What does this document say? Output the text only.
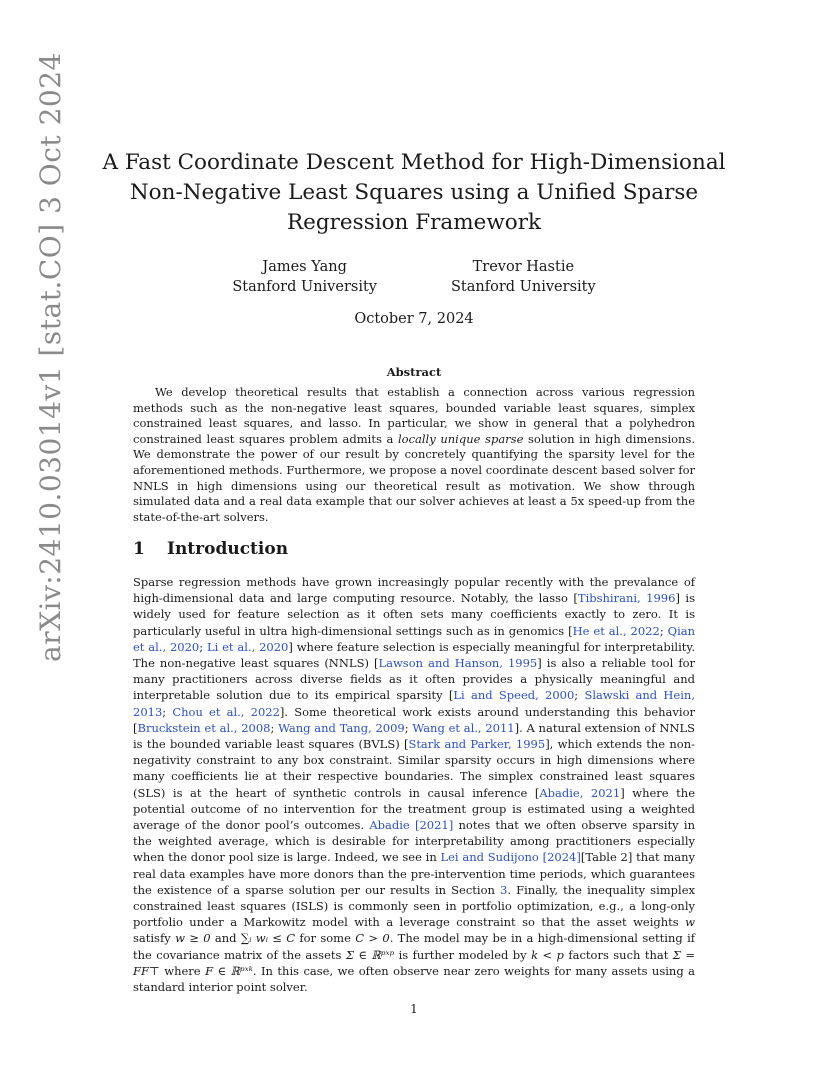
arXiv:2410.03014v1 [stat.CO] 3 Oct 2024 A Fast Coordinate Descent Method for High-Dimensional Non-Negative Least Squares using a Unified Sparse Regression Framework
James Yang
Stanford University
Trevor Hastie
Stanford University
October 7, 2024
Abstract

We develop theoretical results that establish a connection across various regression methods such as the non-negative least squares, bounded variable least squares, simplex constrained least squares, and lasso. In particular, we show in general that a polyhedron constrained least squares problem admits a locally unique sparse solution in high dimensions. We demonstrate the power of our result by concretely quantifying the sparsity level for the aforementioned methods. Furthermore, we propose a novel coordinate descent based solver for NNLS in high dimensions using our theoretical result as motivation. We show through simulated data and a real data example that our solver achieves at least a 5x speed-up from the state-of-the-art solvers.

1 Introduction

Sparse regression methods have grown increasingly popular recently with the prevalance of high-dimensional data and large computing resource. Notably, the lasso [Tibshirani, 1996] is widely used for feature selection as it often sets many coefficients exactly to zero. It is particularly useful in ultra high-dimensional settings such as in genomics [He et al., 2022; Qian et al., 2020; Li et al., 2020] where feature selection is especially meaningful for interpretability. The non-negative least squares (NNLS) [Lawson and Hanson, 1995] is also a reliable tool for many practitioners across diverse fields as it often provides a physically meaningful and interpretable solution due to its empirical sparsity [Li and Speed, 2000; Slawski and Hein, 2013; Chou et al., 2022]. Some theoretical work exists around understanding this behavior [Bruckstein et al., 2008; Wang and Tang, 2009; Wang et al., 2011]. A natural extension of NNLS is the bounded variable least squares (BVLS) [Stark and Parker, 1995], which extends the non-negativity constraint to any box constraint. Similar sparsity occurs in high dimensions where many coefficients lie at their respective boundaries. The simplex constrained least squares (SLS) is at the heart of synthetic controls in causal inference [Abadie, 2021] where the potential outcome of no intervention for the treatment group is estimated using a weighted average of the donor pool’s outcomes. Abadie [2021] notes that we often observe sparsity in the weighted average, which is desirable for interpretability among practitioners especially when the donor pool size is large. Indeed, we see in Lei and Sudijono [2024][Table 2] that many real data examples have more donors than the pre-intervention time periods, which guarantees the existence of a sparse solution per our results in Section 3. Finally, the inequality simplex constrained least squares (ISLS) is commonly seen in portfolio optimization, e.g., a long-only portfolio under a Markowitz model with a leverage constraint so that the asset weights w satisfy w ≥ 0 and ∑ᵢ wᵢ ≤ C for some C > 0. The model may be in a high-dimensional setting if the covariance matrix of the assets Σ ∈ ℝᵖˣᵖ is further modeled by k < p factors such that Σ = FF⊤ where F ∈ ℝᵖˣᵏ. In this case, we often observe near zero weights for many assets using a standard interior point solver.

1
